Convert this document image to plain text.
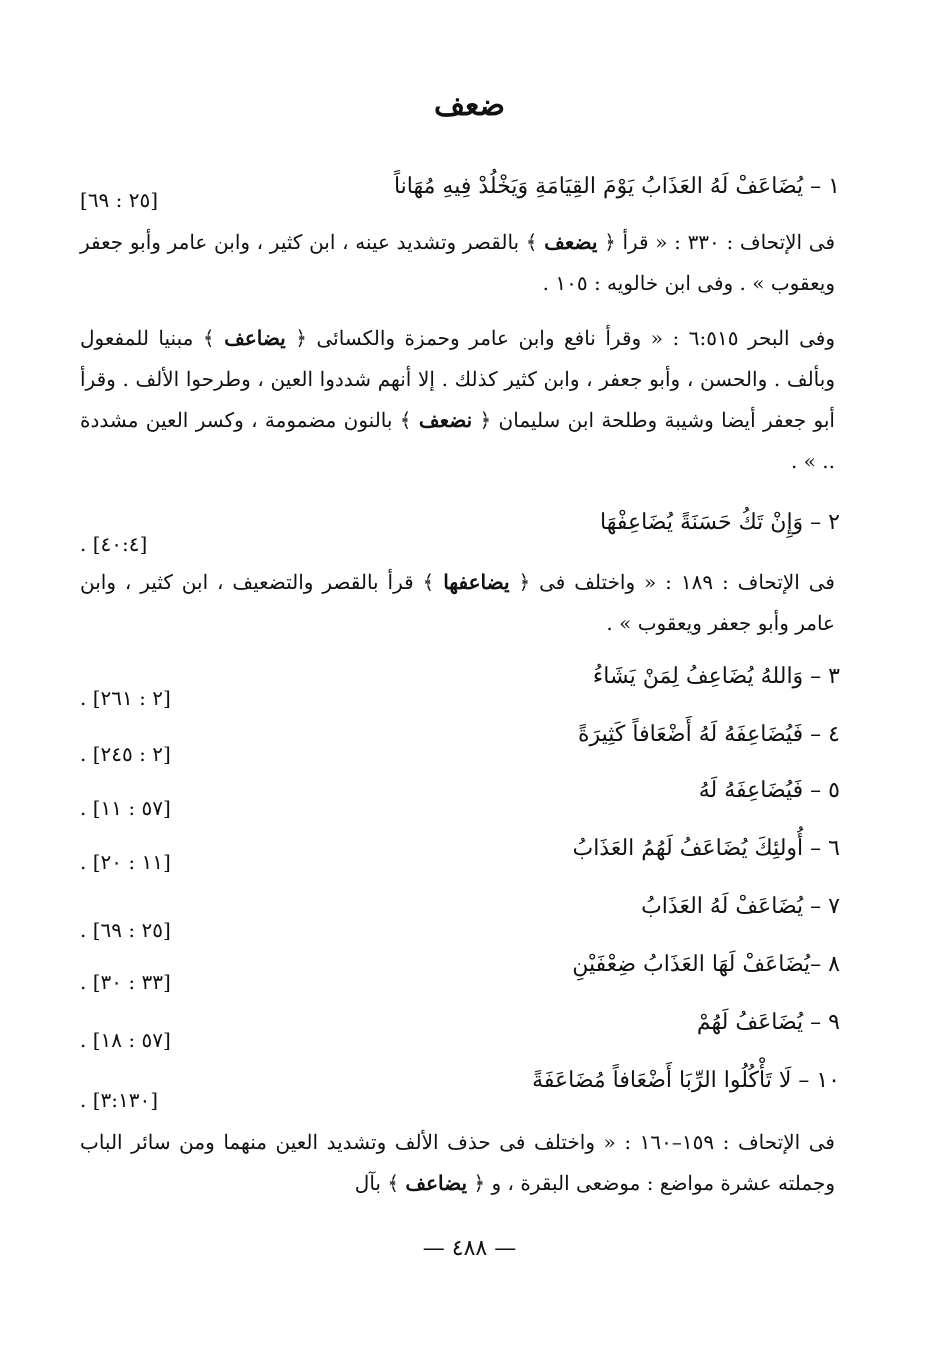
ضعف
١ – يُضَاعَفْ لَهُ العَذَابُ يَوْمَ القِيَامَةِ وَيَخْلُدْ فِيهِ مُهَاناً
[٢٥ : ٦٩]
فى الإتحاف : ٣٣٠ : « قرأ ﴿ يضعف ﴾ بالقصر وتشديد عينه ، ابن كثير ، وابن عامر وأبو جعفر ويعقوب » . وفى ابن خالويه : ١٠٥ .
وفى البحر ٦:٥١٥ : « وقرأ نافع وابن عامر وحمزة والكسائى ﴿ يضاعف ﴾ مبنيا للمفعول وبألف . والحسن ، وأبو جعفر ، وابن كثير كذلك . إلا أنهم شددوا العين ، وطرحوا الألف . وقرأ أبو جعفر أيضا وشيبة وطلحة ابن سليمان ﴿ نضعف ﴾ بالنون مضمومة ، وكسر العين مشددة .. » .
٢ – وَإِنْ تَكُ حَسَنَةً يُضَاعِفْهَا
. [٤٠:٤]
فى الإتحاف : ١٨٩ : « واختلف فى ﴿ يضاعفها ﴾ قرأ بالقصر والتضعيف ، ابن كثير ، وابن عامر وأبو جعفر ويعقوب » .
٣ – وَاللهُ يُضَاعِفُ لِمَنْ يَشَاءُ
. [٢ : ٢٦١]
٤ – فَيُضَاعِفَهُ لَهُ أَضْعَافاً كَثِيرَةً
. [٢ : ٢٤٥]
٥ – فَيُضَاعِفَهُ لَهُ
. [٥٧ : ١١]
٦ – أُولئِكَ يُضَاعَفُ لَهُمُ العَذَابُ
. [١١ : ٢٠]
٧ – يُضَاعَفْ لَهُ العَذَابُ
. [٢٥ : ٦٩]
٨ –يُضَاعَفْ لَهَا العَذَابُ ضِعْفَيْنِ
. [٣٣ : ٣٠]
٩ – يُضَاعَفُ لَهُمْ
. [٥٧ : ١٨]
١٠ – لَا تَأْكُلُوا الرِّبَا أَضْعَافاً مُضَاعَفَةً
. [٣:١٣٠]
فى الإتحاف : ١٥٩–١٦٠ : « واختلف فى حذف الألف وتشديد العين منهما ومن سائر الباب وجملته عشرة مواضع : موضعى البقرة ، و ﴿ يضاعف ﴾ بآل
— ٤٨٨ —
